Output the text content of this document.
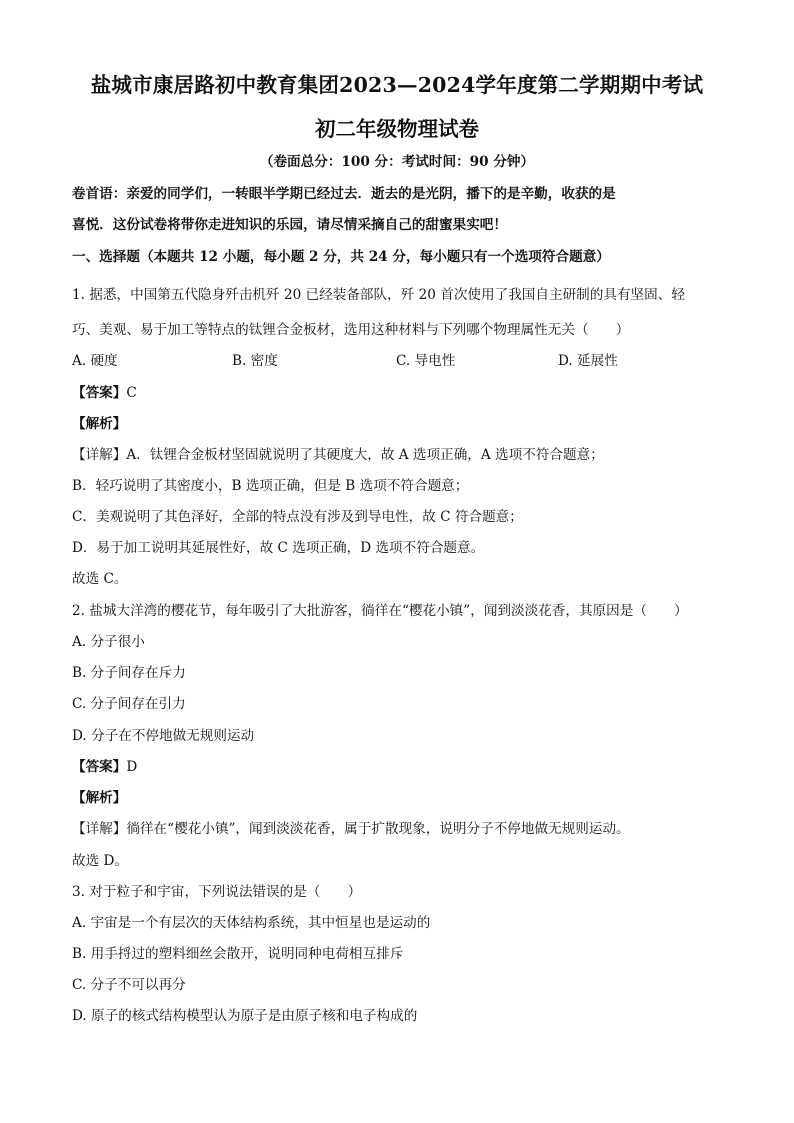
盐城市康居路初中教育集团2023—2024学年度第二学期期中考试
初二年级物理试卷
（卷面总分：100 分：考试时间：90 分钟）
卷首语：亲爱的同学们，一转眼半学期已经过去．逝去的是光阴，播下的是辛勤，收获的是
喜悦．这份试卷将带你走进知识的乐园，请尽情采摘自己的甜蜜果实吧！
一、选择题（本题共 12 小题，每小题 2 分，共 24 分，每小题只有一个选项符合题意）
1. 据悉，中国第五代隐身歼击机歼 20 已经装备部队，歼 20 首次使用了我国自主研制的具有坚固、轻
巧、美观、易于加工等特点的钛锂合金板材，选用这种材料与下列哪个物理属性无关（　　）
A. 硬度	B. 密度	C. 导电性	D. 延展性
【答案】C
【解析】
【详解】A．钛锂合金板材坚固就说明了其硬度大，故 A 选项正确，A 选项不符合题意；
B．轻巧说明了其密度小，B 选项正确，但是 B 选项不符合题意；
C．美观说明了其色泽好，全部的特点没有涉及到导电性，故 C 符合题意；
D．易于加工说明其延展性好，故 C 选项正确，D 选项不符合题意。
故选 C。
2. 盐城大洋湾的樱花节，每年吸引了大批游客，徜徉在“樱花小镇”，闻到淡淡花香，其原因是（　　）
A. 分子很小
B. 分子间存在斥力
C. 分子间存在引力
D. 分子在不停地做无规则运动
【答案】D
【解析】
【详解】徜徉在“樱花小镇”，闻到淡淡花香，属于扩散现象，说明分子不停地做无规则运动。
故选 D。
3. 对于粒子和宇宙，下列说法错误的是（　　）
A. 宇宙是一个有层次的天体结构系统，其中恒星也是运动的
B. 用手捋过的塑料细丝会散开，说明同种电荷相互排斥
C. 分子不可以再分
D. 原子的核式结构模型认为原子是由原子核和电子构成的
